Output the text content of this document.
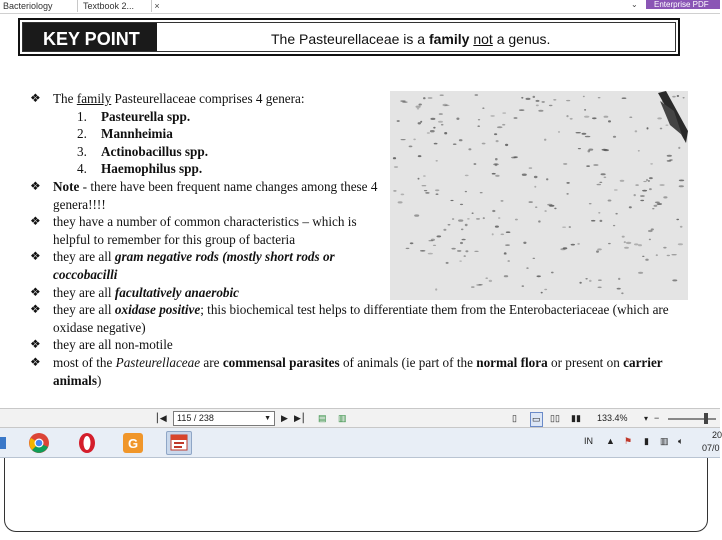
Bacteriology	Textbook 2...	×	⌄	Enterprise PDF
KEY POINT	The Pasteurellaceae is a family not a genus.
❖ The family Pasteurellaceae comprises 4 genera:
1. Pasteurella spp.
2. Mannheimia
3. Actinobacillus spp.
4. Haemophilus spp.
❖ Note - there have been frequent name changes among these 4 genera!!!!
❖ they have a number of common characteristics – which is helpful to remember for this group of bacteria
❖ they are all gram negative rods (mostly short rods or coccobacilli
❖ they are all facultatively anaerobic
❖ they are all oxidase positive; this biochemical test helps to differentiate them from the Enterobacteriaceae (which are oxidase negative)
❖ they are all non-motile
❖ most of the Pasteurellaceae are commensal parasites of animals (ie part of the normal flora or present on carrier animals)
⎮◀	115 / 238	▼ ▶ ▶⎮ ▤ ▥	▯ ▭ ▯▯ ▮▮ 133.4% ▾ −
G	IN ▲ ⚑ ▮ ▥ 🔈︎
20
07/0
